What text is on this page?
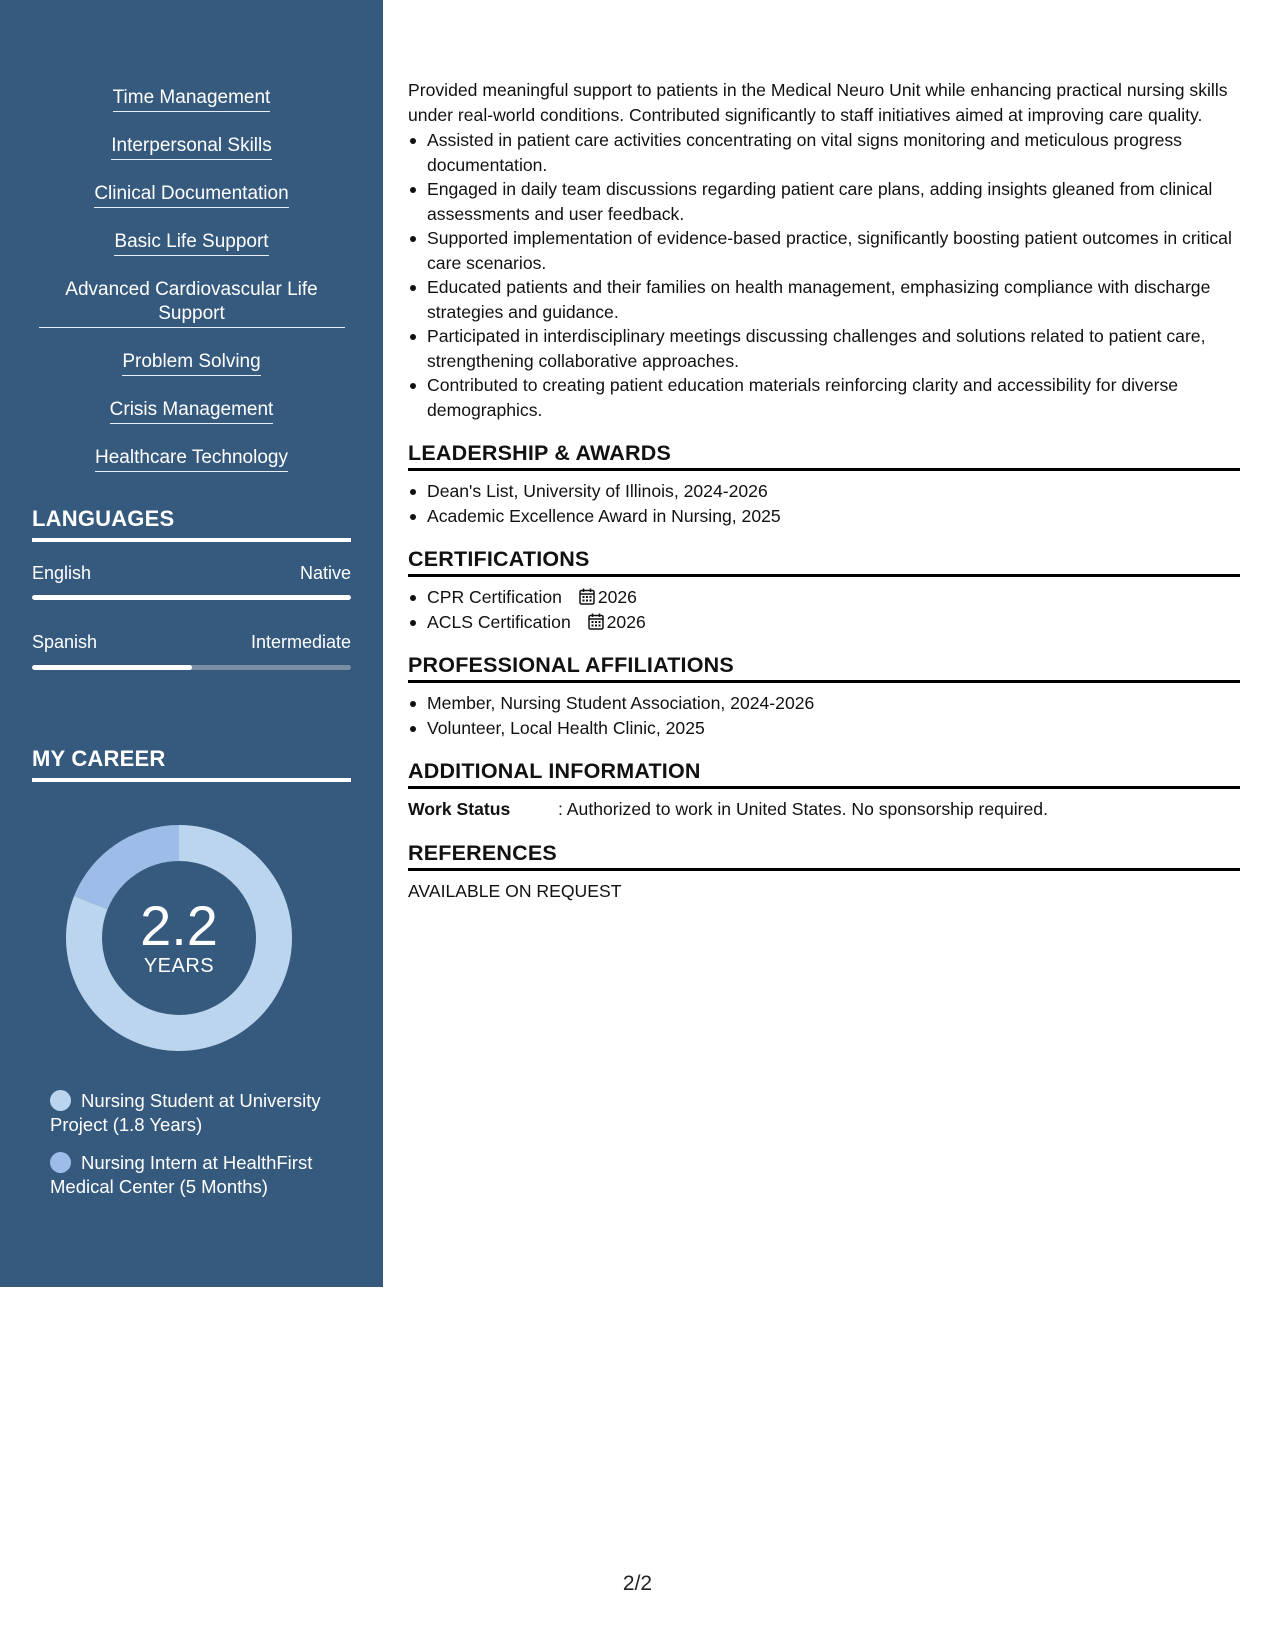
Time Management
Interpersonal Skills
Clinical Documentation
Basic Life Support
Advanced Cardiovascular Life Support
Problem Solving
Crisis Management
Healthcare Technology
LANGUAGES
English	Native
Spanish	Intermediate
MY CAREER
2.2
YEARS
Nursing Student at University Project (1.8 Years)
Nursing Intern at HealthFirst Medical Center (5 Months)

Provided meaningful support to patients in the Medical Neuro Unit while enhancing practical nursing skills under real-world conditions. Contributed significantly to staff initiatives aimed at improving care quality.

Assisted in patient care activities concentrating on vital signs monitoring and meticulous progress documentation.
Engaged in daily team discussions regarding patient care plans, adding insights gleaned from clinical assessments and user feedback.
Supported implementation of evidence-based practice, significantly boosting patient outcomes in critical care scenarios.
Educated patients and their families on health management, emphasizing compliance with discharge strategies and guidance.
Participated in interdisciplinary meetings discussing challenges and solutions related to patient care, strengthening collaborative approaches.
Contributed to creating patient education materials reinforcing clarity and accessibility for diverse demographics.
LEADERSHIP & AWARDS
Dean's List, University of Illinois, 2024-2026
Academic Excellence Award in Nursing, 2025
CERTIFICATIONS
CPR Certification 2026
ACLS Certification 2026
PROFESSIONAL AFFILIATIONS
Member, Nursing Student Association, 2024-2026
Volunteer, Local Health Clinic, 2025
ADDITIONAL INFORMATION
Work Status	: Authorized to work in United States. No sponsorship required.
REFERENCES
AVAILABLE ON REQUEST
2/2
